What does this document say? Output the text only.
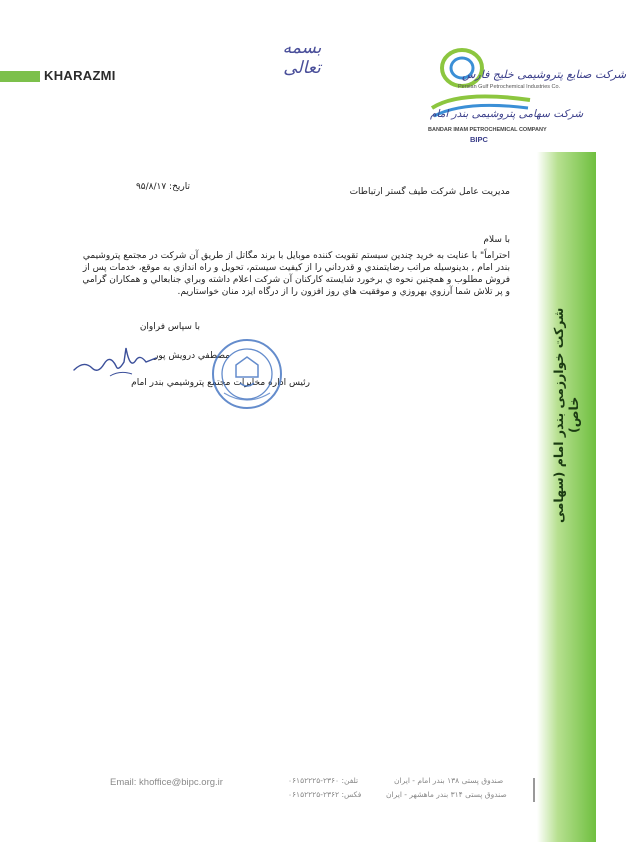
KHARAZMI
بسمه تعالی	شرکت صنایع پتروشیمی خلیج فارس
Persian Gulf Petrochemical Industries Co.
شرکت سهامی پتروشیمی بندر امام
BANDAR IMAM PETROCHEMICAL COMPANY
BIPC
شرکت خوارزمی بندر امام (سهامی خاص)
تاریخ: ۹۵/۸/۱۷	مديريت عامل شركت طيف گستر ارتباطات
با سلام
احتراماً" با عنايت به خريد چندين سيستم تقويت كننده موبايل با برند مگاتل از طريق آن شركت در مجتمع پتروشيمي بندر امام , بدينوسيله مراتب رضايتمندي و قدرداني را از كيفيت سيستم، تحويل و راه اندازي به موقع، خدمات پس از فروش مطلوب و همچنين نحوه ي برخورد شايسته كاركنان آن شركت اعلام داشته وبراي جنابعالي و همكاران گرامي و پر تلاش شما آرزوي بهروزي و موفقيت هاي روز افزون را از درگاه ايزد منان خواستاريم.
با سپاس فراوان
مصطفي درويش پور
رئيس اداره مخابرات مجتمع پتروشيمي بندر امام
Email: khoffice@bipc.org.ir	تلفن: ۲۳۶۰-۰۶۱۵۲۲۲۵
فکس: ۲۳۶۲-۰۶۱۵۲۲۲۵
صندوق پستی ۱۳۸ بندر امام - ایران
صندوق پستی ۳۱۴ بندر ماهشهر - ایران
